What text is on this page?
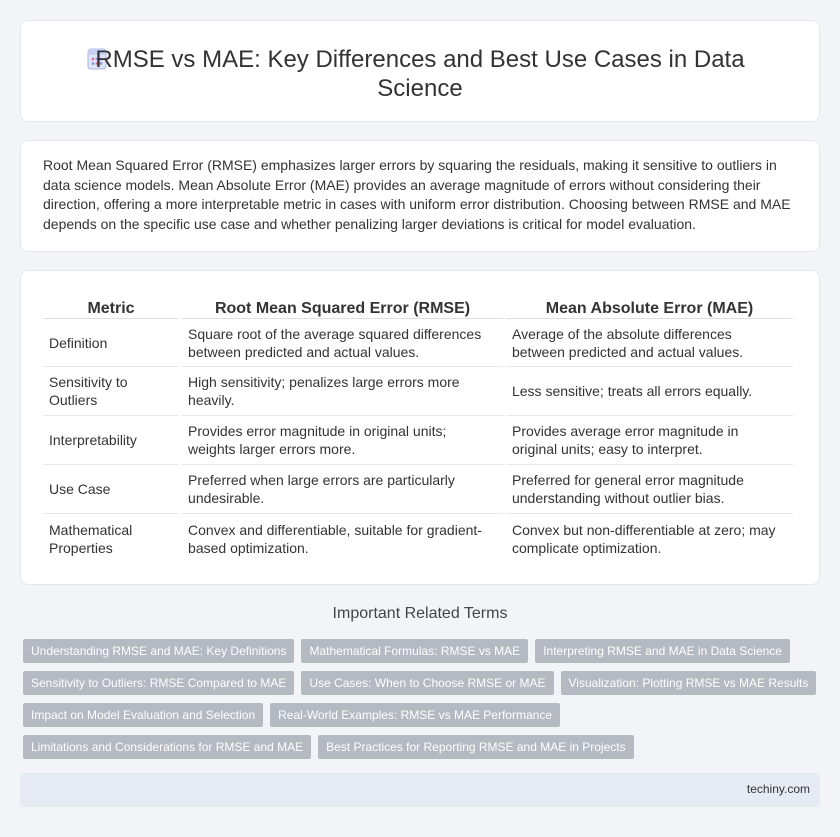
RMSE vs MAE: Key Differences and Best Use Cases in Data Science

Root Mean Squared Error (RMSE) emphasizes larger errors by squaring the residuals, making it sensitive to outliers in data science models. Mean Absolute Error (MAE) provides an average magnitude of errors without considering their direction, offering a more interpretable metric in cases with uniform error distribution. Choosing between RMSE and MAE depends on the specific use case and whether penalizing larger deviations is critical for model evaluation.

Metric	Root Mean Squared Error (RMSE)	Mean Absolute Error (MAE)
Definition	Square root of the average squared differences between predicted and actual values.	Average of the absolute differences between predicted and actual values.
Sensitivity to Outliers	High sensitivity; penalizes large errors more heavily.	Less sensitive; treats all errors equally.
Interpretability	Provides error magnitude in original units; weights larger errors more.	Provides average error magnitude in original units; easy to interpret.
Use Case	Preferred when large errors are particularly undesirable.	Preferred for general error magnitude understanding without outlier bias.
Mathematical Properties	Convex and differentiable, suitable for gradient-based optimization.	Convex but non-differentiable at zero; may complicate optimization.
Important Related Terms
Understanding RMSE and MAE: Key Definitions	Mathematical Formulas: RMSE vs MAE	Interpreting RMSE and MAE in Data Science
Sensitivity to Outliers: RMSE Compared to MAE	Use Cases: When to Choose RMSE or MAE	Visualization: Plotting RMSE vs MAE Results
Impact on Model Evaluation and Selection	Real-World Examples: RMSE vs MAE Performance
Limitations and Considerations for RMSE and MAE	Best Practices for Reporting RMSE and MAE in Projects
techiny.com
